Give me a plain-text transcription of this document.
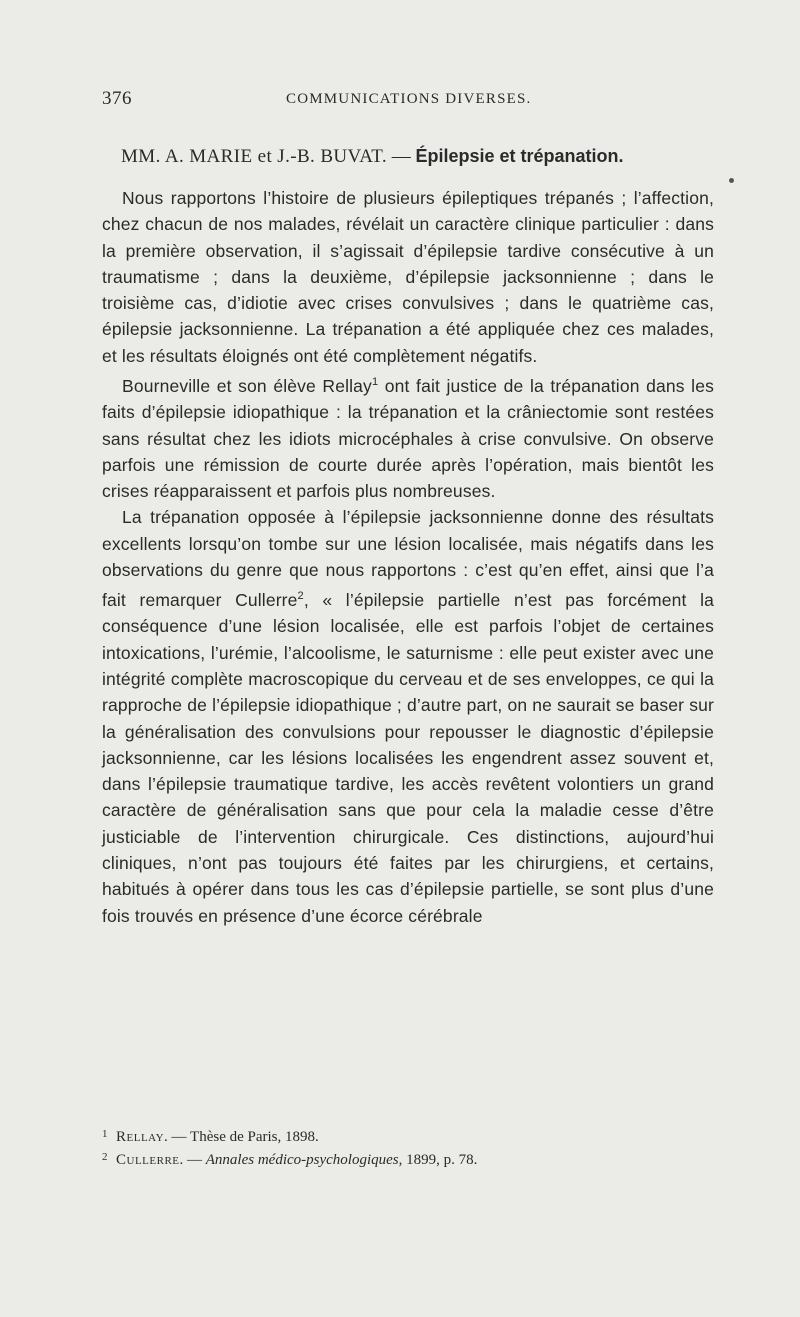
376	COMMUNICATIONS DIVERSES.
MM. A. MARIE et J.-B. BUVAT. — Épilepsie et trépanation.

Nous rapportons l’histoire de plusieurs épileptiques trépanés ; l’affection, chez chacun de nos malades, révélait un caractère clinique particulier : dans la première observation, il s’agissait d’épilepsie tardive consécutive à un traumatisme ; dans la deuxième, d’épilepsie jacksonnienne ; dans le troisième cas, d’idiotie avec crises convulsives ; dans le quatrième cas, épilepsie jacksonnienne. La trépanation a été appliquée chez ces malades, et les résultats éloignés ont été complètement négatifs.

Bourneville et son élève Rellay$^1$ ont fait justice de la trépanation dans les faits d’épilepsie idiopathique : la trépanation et la crâniectomie sont restées sans résultat chez les idiots microcéphales à crise convulsive. On observe parfois une rémission de courte durée après l’opération, mais bientôt les crises réapparaissent et parfois plus nombreuses.

La trépanation opposée à l’épilepsie jacksonnienne donne des résultats excellents lorsqu’on tombe sur une lésion localisée, mais négatifs dans les observations du genre que nous rapportons : c’est qu’en effet, ainsi que l’a fait remarquer Cullerre$^2$, « l’épilepsie partielle n’est pas forcément la conséquence d’une lésion localisée, elle est parfois l’objet de certaines intoxications, l’urémie, l’alcoolisme, le saturnisme : elle peut exister avec une intégrité complète macroscopique du cerveau et de ses enveloppes, ce qui la rapproche de l’épilepsie idiopathique ; d’autre part, on ne saurait se baser sur la généralisation des convulsions pour repousser le diagnostic d’épilepsie jacksonnienne, car les lésions localisées les engendrent assez souvent et, dans l’épilepsie traumatique tardive, les accès revêtent volontiers un grand caractère de généralisation sans que pour cela la maladie cesse d’être justiciable de l’intervention chirurgicale. Ces distinctions, aujourd’hui cliniques, n’ont pas toujours été faites par les chirurgiens, et certains, habitués à opérer dans tous les cas d’épilepsie partielle, se sont plus d’une fois trouvés en présence d’une écorce cérébrale

1 Rellay. — Thèse de Paris, 1898.

2 Cullerre. — Annales médico-psychologiques, 1899, p. 78.
